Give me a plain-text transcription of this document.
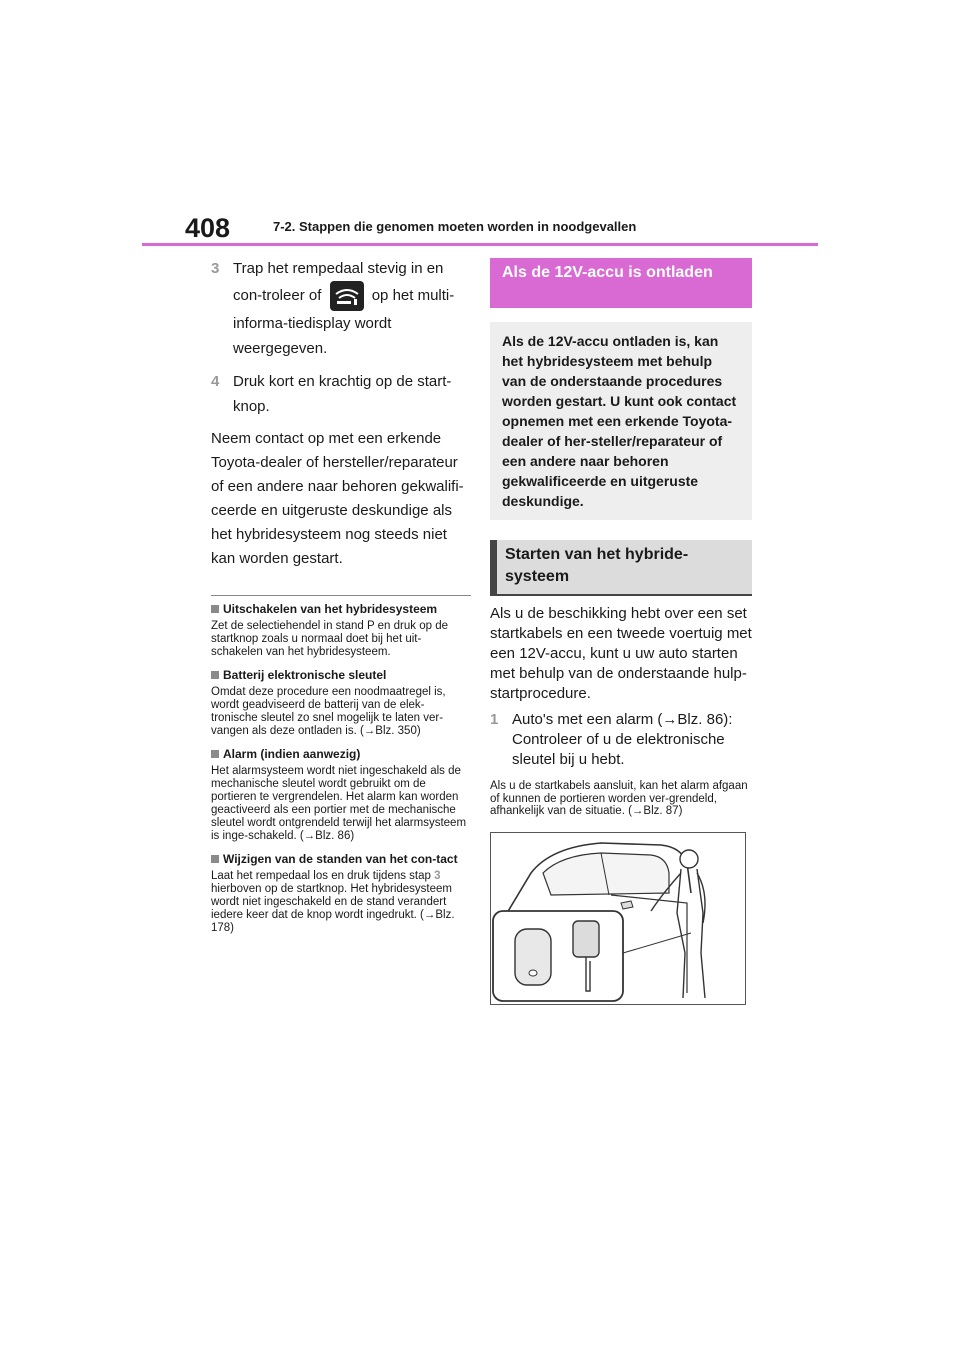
408	7-2. Stappen die genomen moeten worden in noodgevallen
3 Trap het rempedaal stevig in en con-troleer of	op het multi-informa-tiedisplay wordt weergegeven.
4 Druk kort en krachtig op de start-knop.

Neem contact op met een erkende Toyota-dealer of hersteller/reparateur of een andere naar behoren gekwalifi-ceerde en uitgeruste deskundige als het hybridesysteem nog steeds niet kan worden gestart.

Uitschakelen van het hybridesysteem
Zet de selectiehendel in stand P en druk op de startknop zoals u normaal doet bij het uit-schakelen van het hybridesysteem.
Batterij elektronische sleutel
Omdat deze procedure een noodmaatregel is, wordt geadviseerd de batterij van de elek-tronische sleutel zo snel mogelijk te laten ver-vangen als deze ontladen is. (→Blz. 350)
Alarm (indien aanwezig)
Het alarmsysteem wordt niet ingeschakeld als de mechanische sleutel wordt gebruikt om de portieren te vergrendelen. Het alarm kan worden geactiveerd als een portier met de mechanische sleutel wordt ontgrendeld terwijl het alarmsysteem is inge-schakeld. (→Blz. 86)
Wijzigen van de standen van het con-tact
Laat het rempedaal los en druk tijdens stap 3 hierboven op de startknop. Het hybridesysteem wordt niet ingeschakeld en de stand verandert iedere keer dat de knop wordt ingedrukt. (→Blz. 178)
Als de 12V-accu is ontladen
Als de 12V-accu ontladen is, kan het hybridesysteem met behulp van de onderstaande procedures worden gestart. U kunt ook contact opnemen met een erkende Toyota-dealer of her-steller/reparateur of een andere naar behoren gekwalificeerde en uitgeruste deskundige.
Starten van het hybride-systeem
Als u de beschikking hebt over een set startkabels en een tweede voertuig met een 12V-accu, kunt u uw auto starten met behulp van de onderstaande hulp-startprocedure.
1 Auto's met een alarm (→Blz. 86): Controleer of u de elektronische sleutel bij u hebt.
Als u de startkabels aansluit, kan het alarm afgaan of kunnen de portieren worden ver-grendeld, afhankelijk van de situatie. (→Blz. 87)
